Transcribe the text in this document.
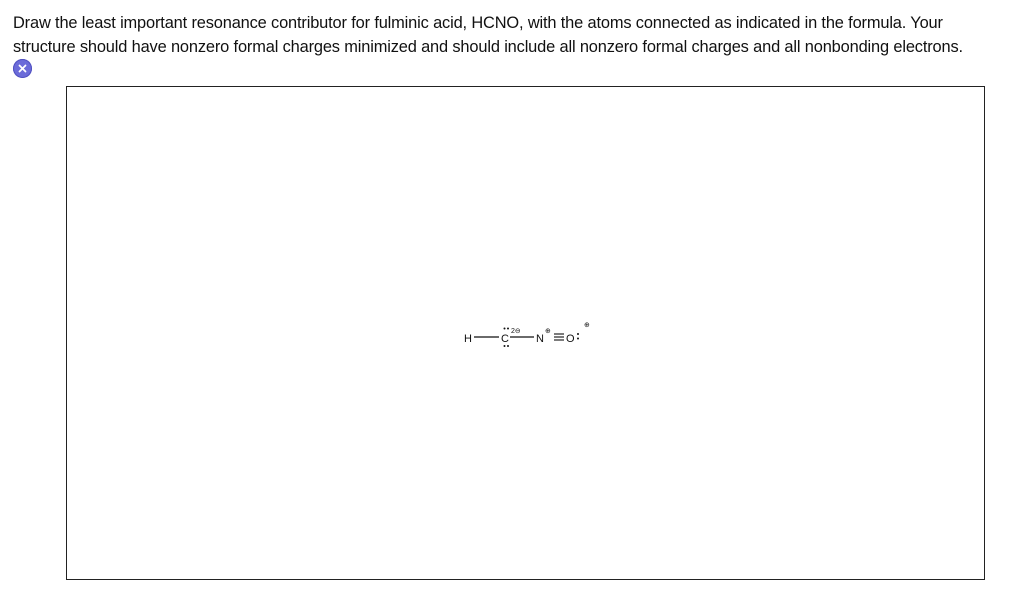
Draw the least important resonance contributor for fulminic acid, HCNO, with the atoms connected as indicated in the formula. Your
structure should have nonzero formal charges minimized and should include all nonzero formal charges and all nonbonding electrons.

H	C
2⊖
N
⊕
O
⊕
